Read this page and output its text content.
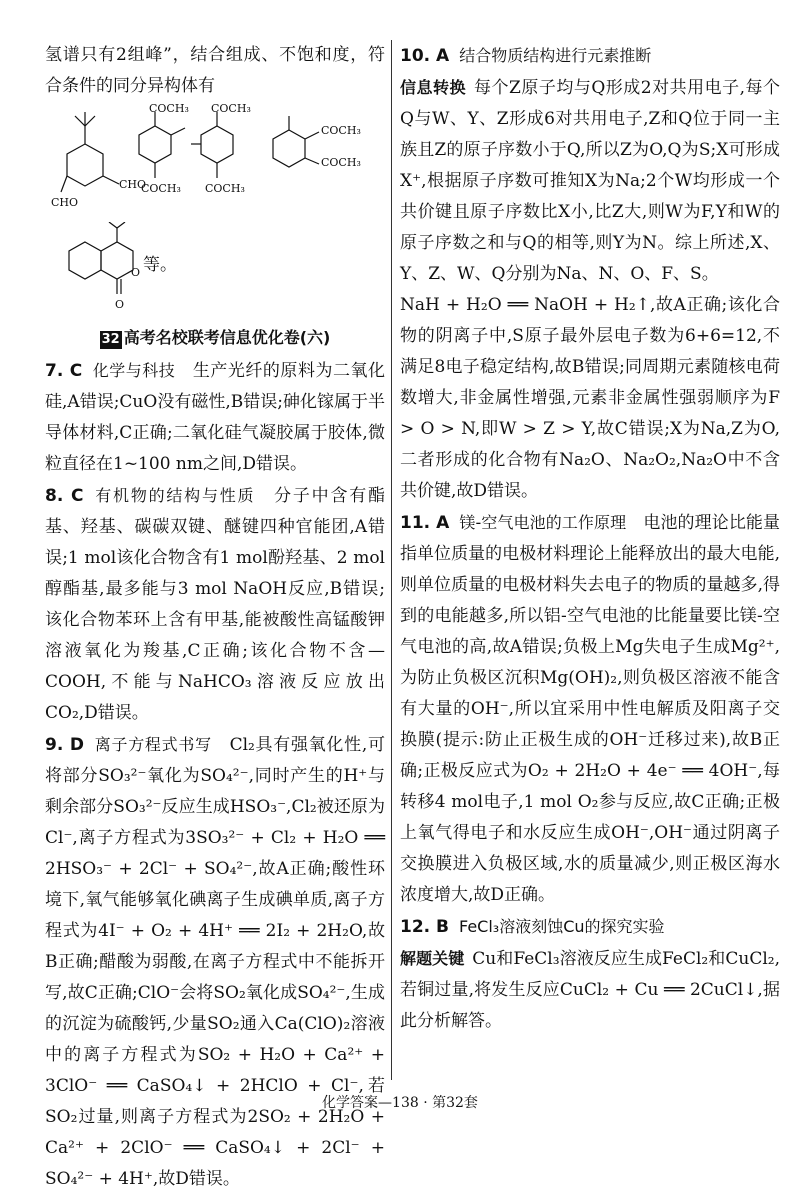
氢谱只有2组峰”，结合组成、不饱和度，符合条件的同分异构体有

CHO
CHO
COCH₃
COCH₃
COCH₃
COCH₃
COCH₃
COCH₃
O
O
等。
32 高考名校联考信息优化卷(六)

7. C 化学与科技　 生产光纤的原料为二氧化硅,A错误;CuO没有磁性,B错误;砷化镓属于半导体材料,C正确;二氧化硅气凝胶属于胶体,微粒直径在1~100 nm之间,D错误。

8. C 有机物的结构与性质　 分子中含有酯基、羟基、碳碳双键、醚键四种官能团,A错误;1 mol该化合物含有1 mol酚羟基、2 mol醇酯基,最多能与3 mol NaOH反应,B错误;该化合物苯环上含有甲基,能被酸性高锰酸钾溶液氧化为羧基,C正确;该化合物不含—COOH,不能与NaHCO₃溶液反应放出CO₂,D错误。

9. D 离子方程式书写　 Cl₂具有强氧化性,可将部分SO₃²⁻氧化为SO₄²⁻,同时产生的H⁺与剩余部分SO₃²⁻反应生成HSO₃⁻,Cl₂被还原为Cl⁻,离子方程式为3SO₃²⁻ + Cl₂ + H₂O ══ 2HSO₃⁻ + 2Cl⁻ + SO₄²⁻,故A正确;酸性环境下,氧气能够氧化碘离子生成碘单质,离子方程式为4I⁻ + O₂ + 4H⁺ ══ 2I₂ + 2H₂O,故B正确;醋酸为弱酸,在离子方程式中不能拆开写,故C正确;ClO⁻会将SO₂氧化成SO₄²⁻,生成的沉淀为硫酸钙,少量SO₂通入Ca(ClO)₂溶液中的离子方程式为SO₂ + H₂O + Ca²⁺ + 3ClO⁻ ══ CaSO₄↓ + 2HClO + Cl⁻,若SO₂过量,则离子方程式为2SO₂ + 2H₂O + Ca²⁺ + 2ClO⁻ ══ CaSO₄↓ + 2Cl⁻ + SO₄²⁻ + 4H⁺,故D错误。

10. A 结合物质结构进行元素推断

信息转换 每个Z原子均与Q形成2对共用电子,每个Q与W、Y、Z形成6对共用电子,Z和Q位于同一主族且Z的原子序数小于Q,所以Z为O,Q为S;X可形成X⁺,根据原子序数可推知X为Na;2个W均形成一个共价键且原子序数比X小,比Z大,则W为F,Y和W的原子序数之和与Q的相等,则Y为N。综上所述,X、Y、Z、W、Q分别为Na、N、O、F、S。

NaH + H₂O ══ NaOH + H₂↑,故A正确;该化合物的阴离子中,S原子最外层电子数为6+6=12,不满足8电子稳定结构,故B错误;同周期元素随核电荷数增大,非金属性增强,元素非金属性强弱顺序为F > O > N,即W > Z > Y,故C错误;X为Na,Z为O,二者形成的化合物有Na₂O、Na₂O₂,Na₂O中不含共价键,故D错误。

11. A 镁-空气电池的工作原理　 电池的理论比能量指单位质量的电极材料理论上能释放出的最大电能,则单位质量的电极材料失去电子的物质的量越多,得到的电能越多,所以铝-空气电池的比能量要比镁-空气电池的高,故A错误;负极上Mg失电子生成Mg²⁺,为防止负极区沉积Mg(OH)₂,则负极区溶液不能含有大量的OH⁻,所以宜采用中性电解质及阳离子交换膜(提示:防止正极生成的OH⁻迁移过来),故B正确;正极反应式为O₂ + 2H₂O + 4e⁻ ══ 4OH⁻,每转移4 mol电子,1 mol O₂参与反应,故C正确;正极上氧气得电子和水反应生成OH⁻,OH⁻通过阴离子交换膜进入负极区域,水的质量减少,则正极区海水浓度增大,故D正确。

12. B FeCl₃溶液刻蚀Cu的探究实验

解题关键 Cu和FeCl₃溶液反应生成FeCl₂和CuCl₂,若铜过量,将发生反应CuCl₂ + Cu ══ 2CuCl↓,据此分析解答。

化学答案—138 · 第32套
